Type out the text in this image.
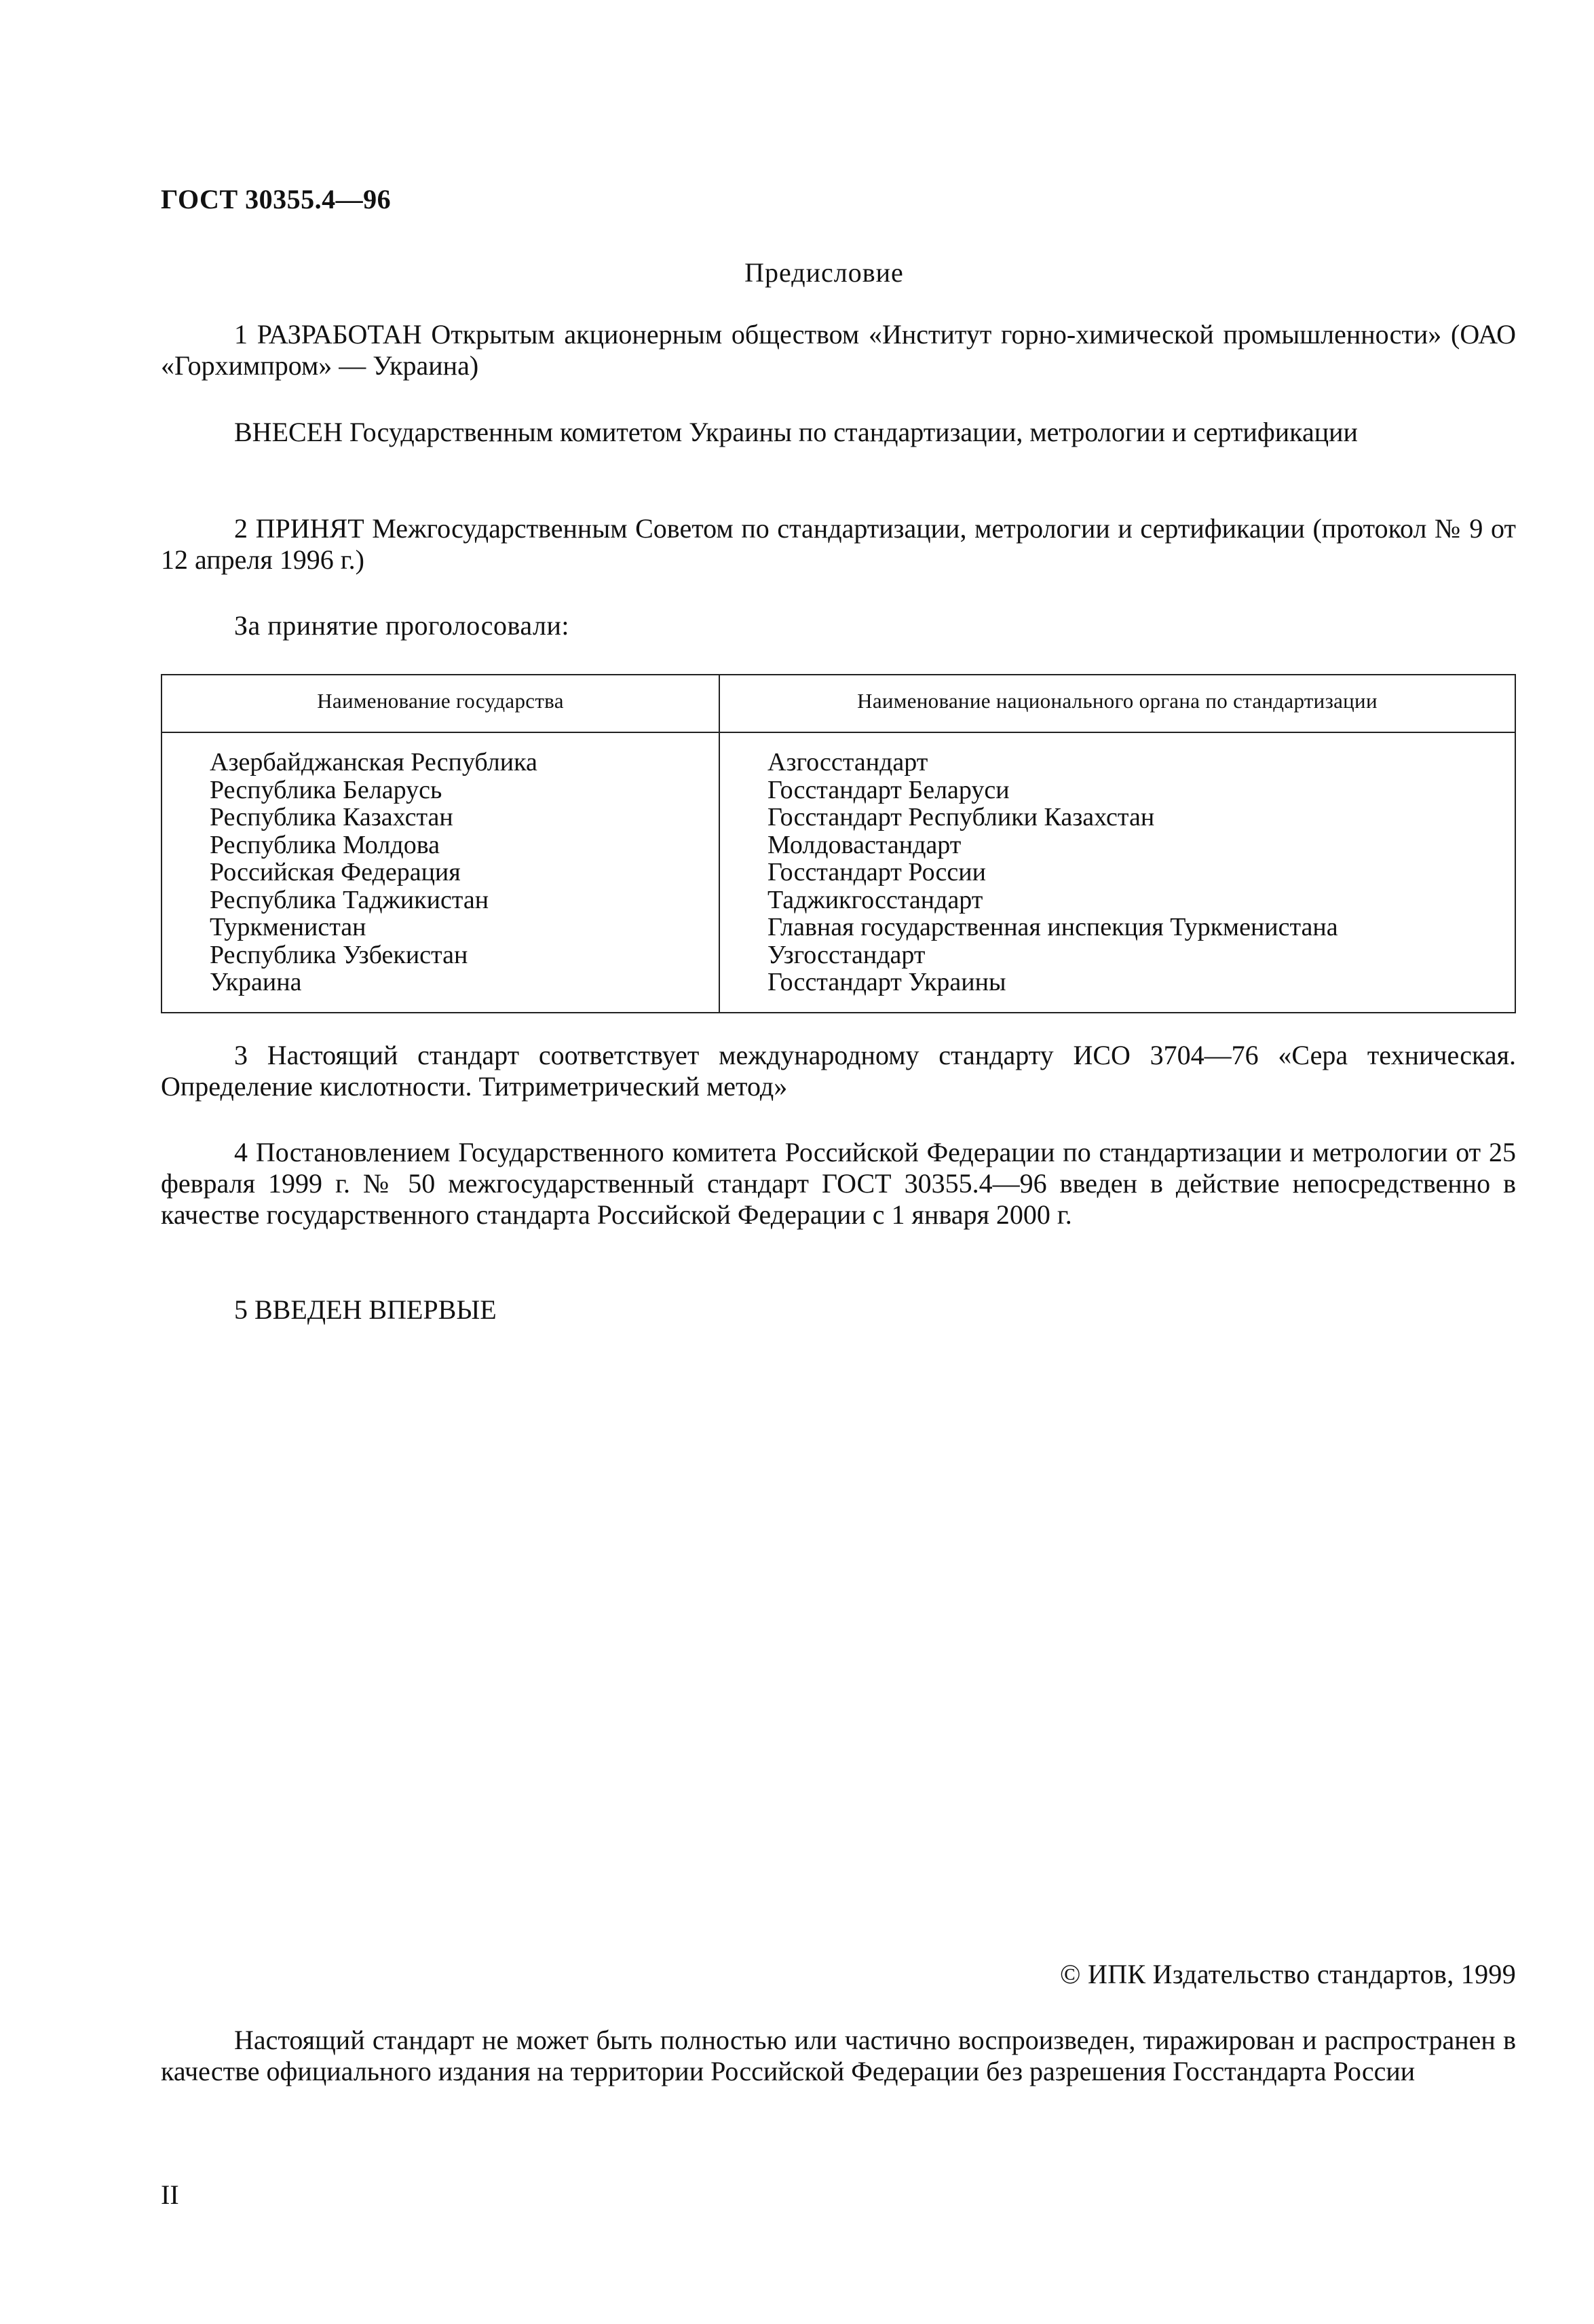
ГОСТ 30355.4—96
Предисловие
1 РАЗРАБОТАН Открытым акционерным обществом «Институт горно-химической промышленности» (ОАО «Горхимпром» — Украина)
ВНЕСЕН Государственным комитетом Украины по стандартизации, метрологии и сертификации
2 ПРИНЯТ Межгосударственным Советом по стандартизации, метрологии и сертификации (протокол № 9 от 12 апреля 1996 г.)
За принятие проголосовали:
Наименование государства	Наименование национального органа по стандартизации
Азербайджанская Республика
Республика Беларусь
Республика Казахстан
Республика Молдова
Российская Федерация
Республика Таджикистан
Туркменистан
Республика Узбекистан
Украина
Азгосстандарт
Госстандарт Беларуси
Госстандарт Республики Казахстан
Молдовастандарт
Госстандарт России
Таджикгосстандарт
Главная государственная инспекция Туркменистана
Узгосстандарт
Госстандарт Украины
3 Настоящий стандарт соответствует международному стандарту ИСО 3704—76 «Сера техническая. Определение кислотности. Титриметрический метод»
4 Постановлением Государственного комитета Российской Федерации по стандартизации и метрологии от 25 февраля 1999 г. № 50 межгосударственный стандарт ГОСТ 30355.4—96 введен в действие непосредственно в качестве государственного стандарта Российской Федерации с 1 января 2000 г.
5 ВВЕДЕН ВПЕРВЫЕ
© ИПК Издательство стандартов, 1999
Настоящий стандарт не может быть полностью или частично воспроизведен, тиражирован и распространен в качестве официального издания на территории Российской Федерации без разрешения Госстандарта России
II
